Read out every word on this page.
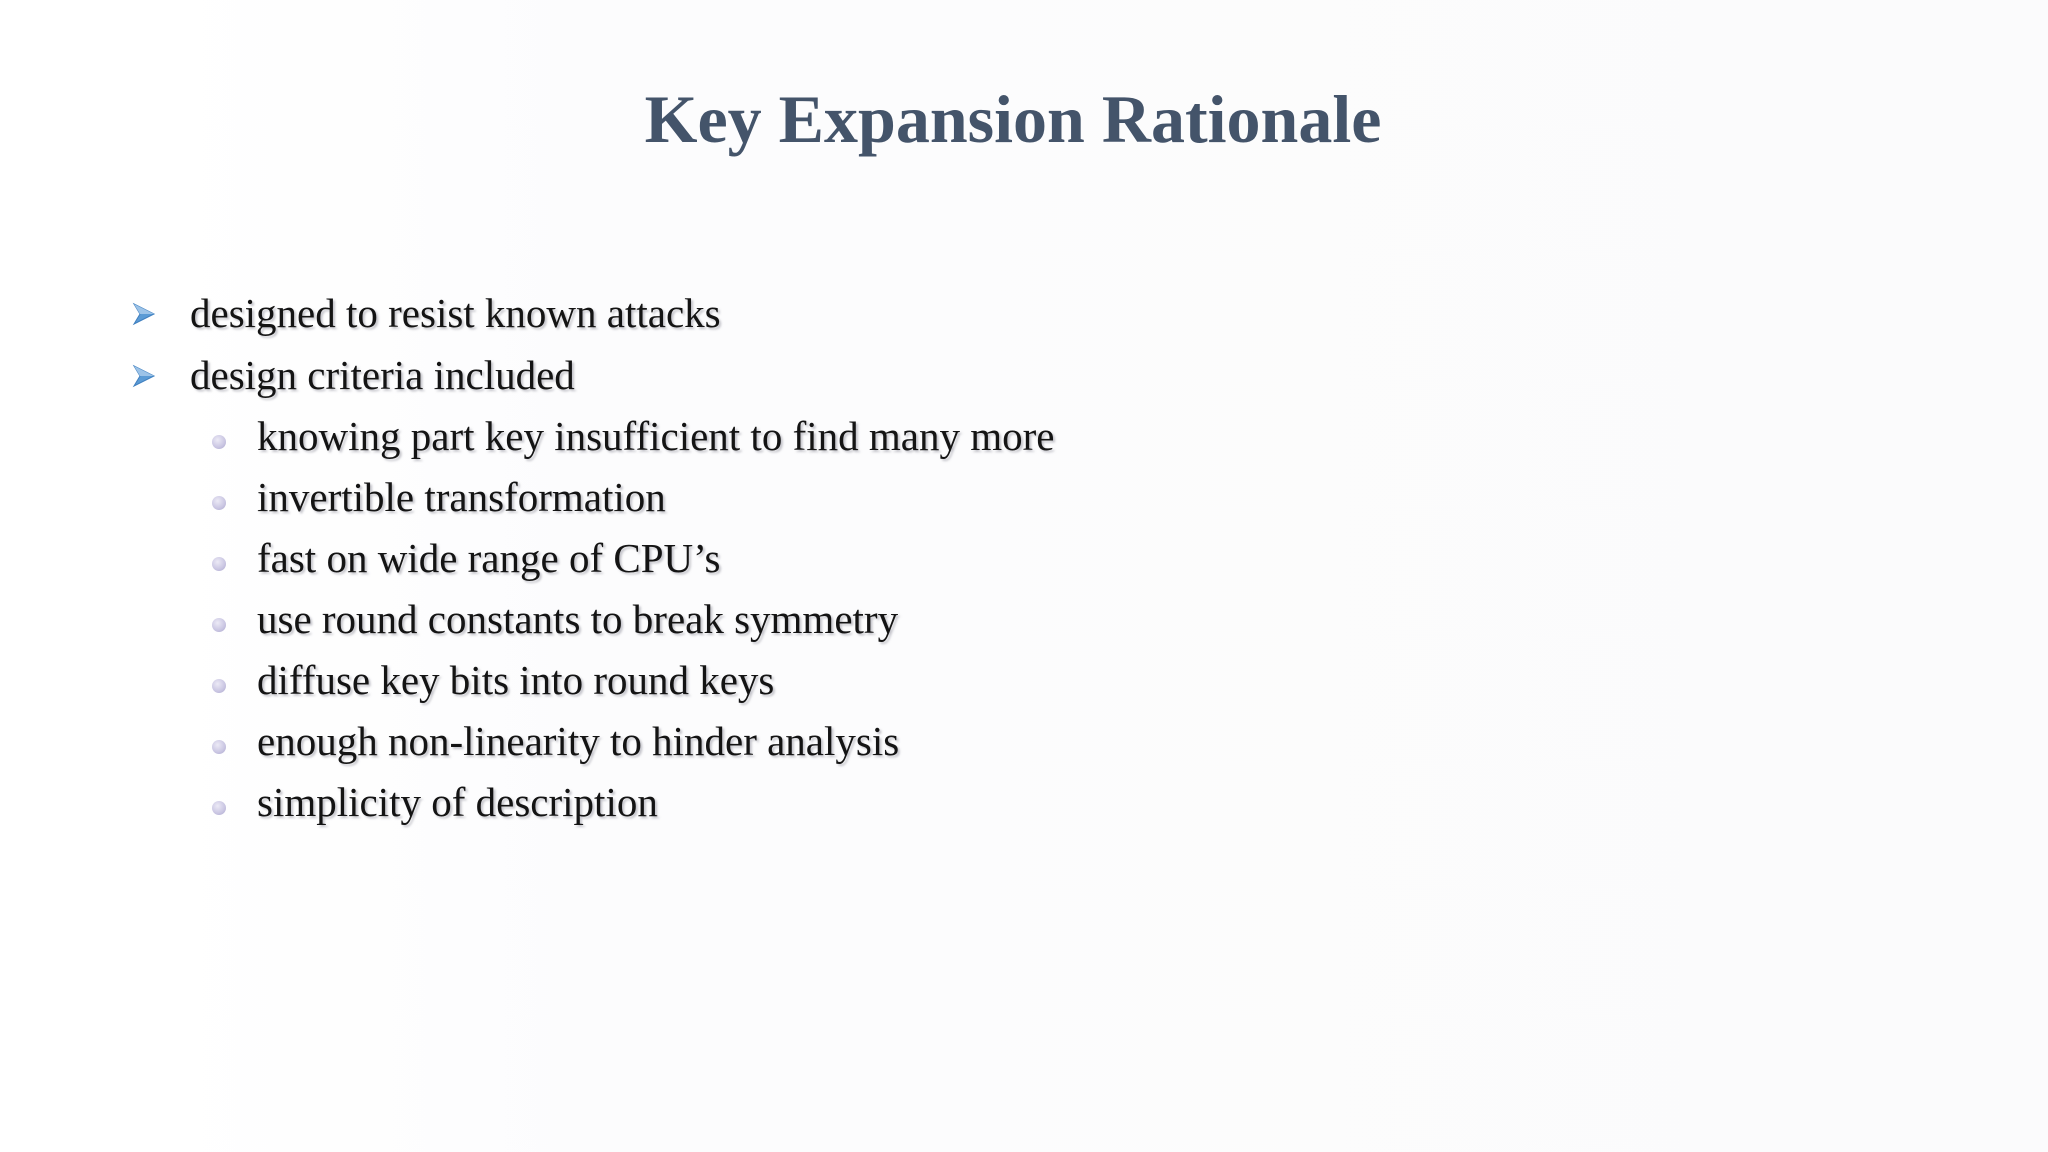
Key Expansion Rationale
designed to resist known attacks
design criteria included
knowing part key insufficient to find many more
invertible transformation
fast on wide range of CPU’s
use round constants to break symmetry
diffuse key bits into round keys
enough non-linearity to hinder analysis
simplicity of description
